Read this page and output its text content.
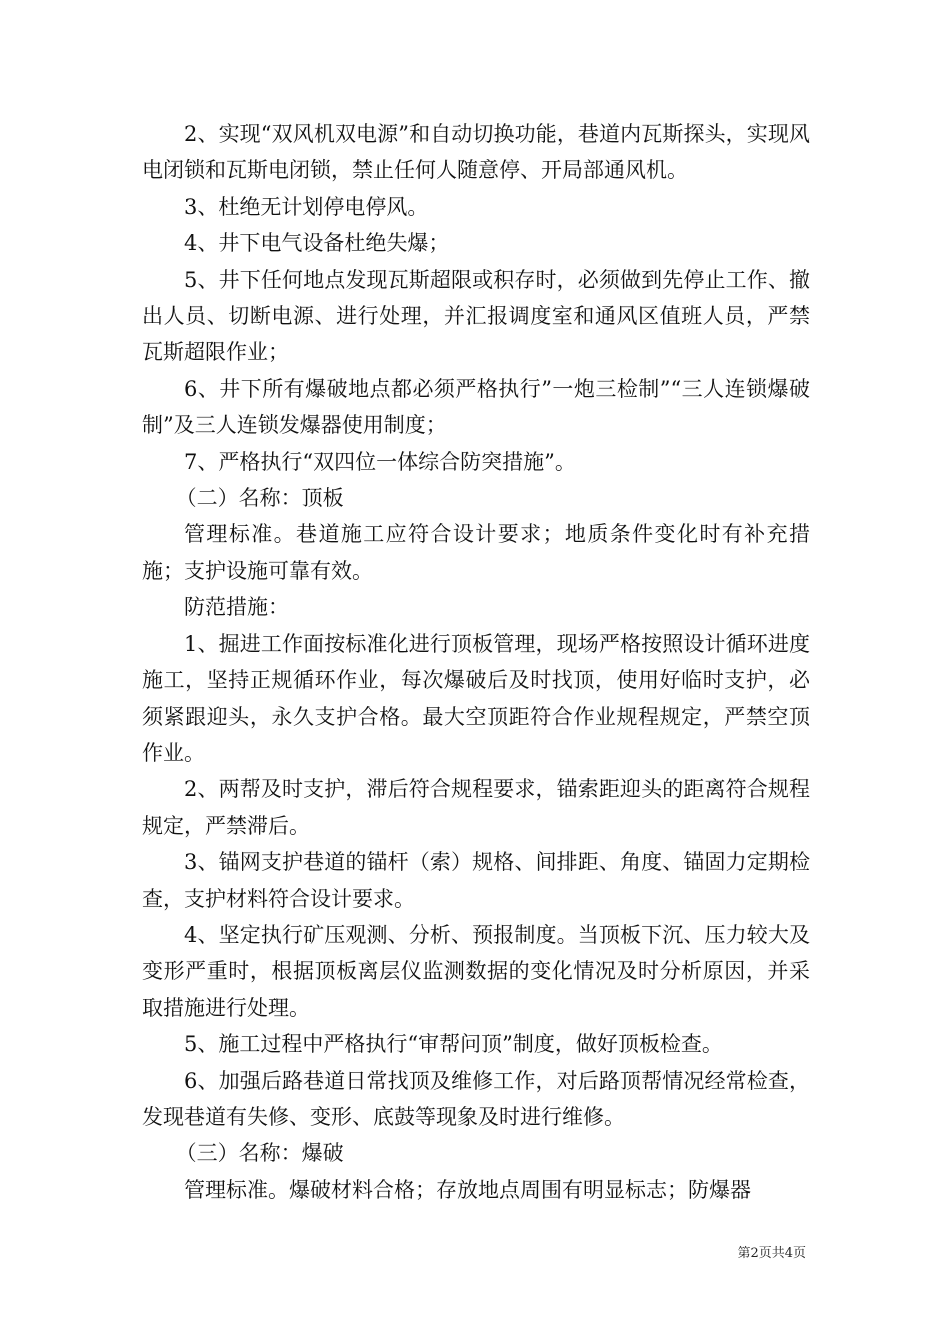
2、实现“双风机双电源”和自动切换功能，巷道内瓦斯探头，实现风电闭锁和瓦斯电闭锁，禁止任何人随意停、开局部通风机。

3、杜绝无计划停电停风。

4、井下电气设备杜绝失爆；

5、井下任何地点发现瓦斯超限或积存时，必须做到先停止工作、撤出人员、切断电源、进行处理，并汇报调度室和通风区值班人员，严禁瓦斯超限作业；

6、井下所有爆破地点都必须严格执行”一炮三检制”“三人连锁爆破制”及三人连锁发爆器使用制度；

7、严格执行“双四位一体综合防突措施”。

（二）名称：顶板

管理标准。巷道施工应符合设计要求；地质条件变化时有补充措施；支护设施可靠有效。

防范措施：

1、掘进工作面按标准化进行顶板管理，现场严格按照设计循环进度施工，坚持正规循环作业，每次爆破后及时找顶，使用好临时支护，必须紧跟迎头，永久支护合格。最大空顶距符合作业规程规定，严禁空顶作业。

2、两帮及时支护，滞后符合规程要求，锚索距迎头的距离符合规程规定，严禁滞后。

3、锚网支护巷道的锚杆（索）规格、间排距、角度、锚固力定期检查，支护材料符合设计要求。

4、坚定执行矿压观测、分析、预报制度。当顶板下沉、压力较大及变形严重时，根据顶板离层仪监测数据的变化情况及时分析原因，并采取措施进行处理。

5、施工过程中严格执行“审帮问顶”制度，做好顶板检查。

6、加强后路巷道日常找顶及维修工作，对后路顶帮情况经常检查，发现巷道有失修、变形、底鼓等现象及时进行维修。

（三）名称：爆破

管理标准。爆破材料合格；存放地点周围有明显标志；防爆器

第2页共4页
